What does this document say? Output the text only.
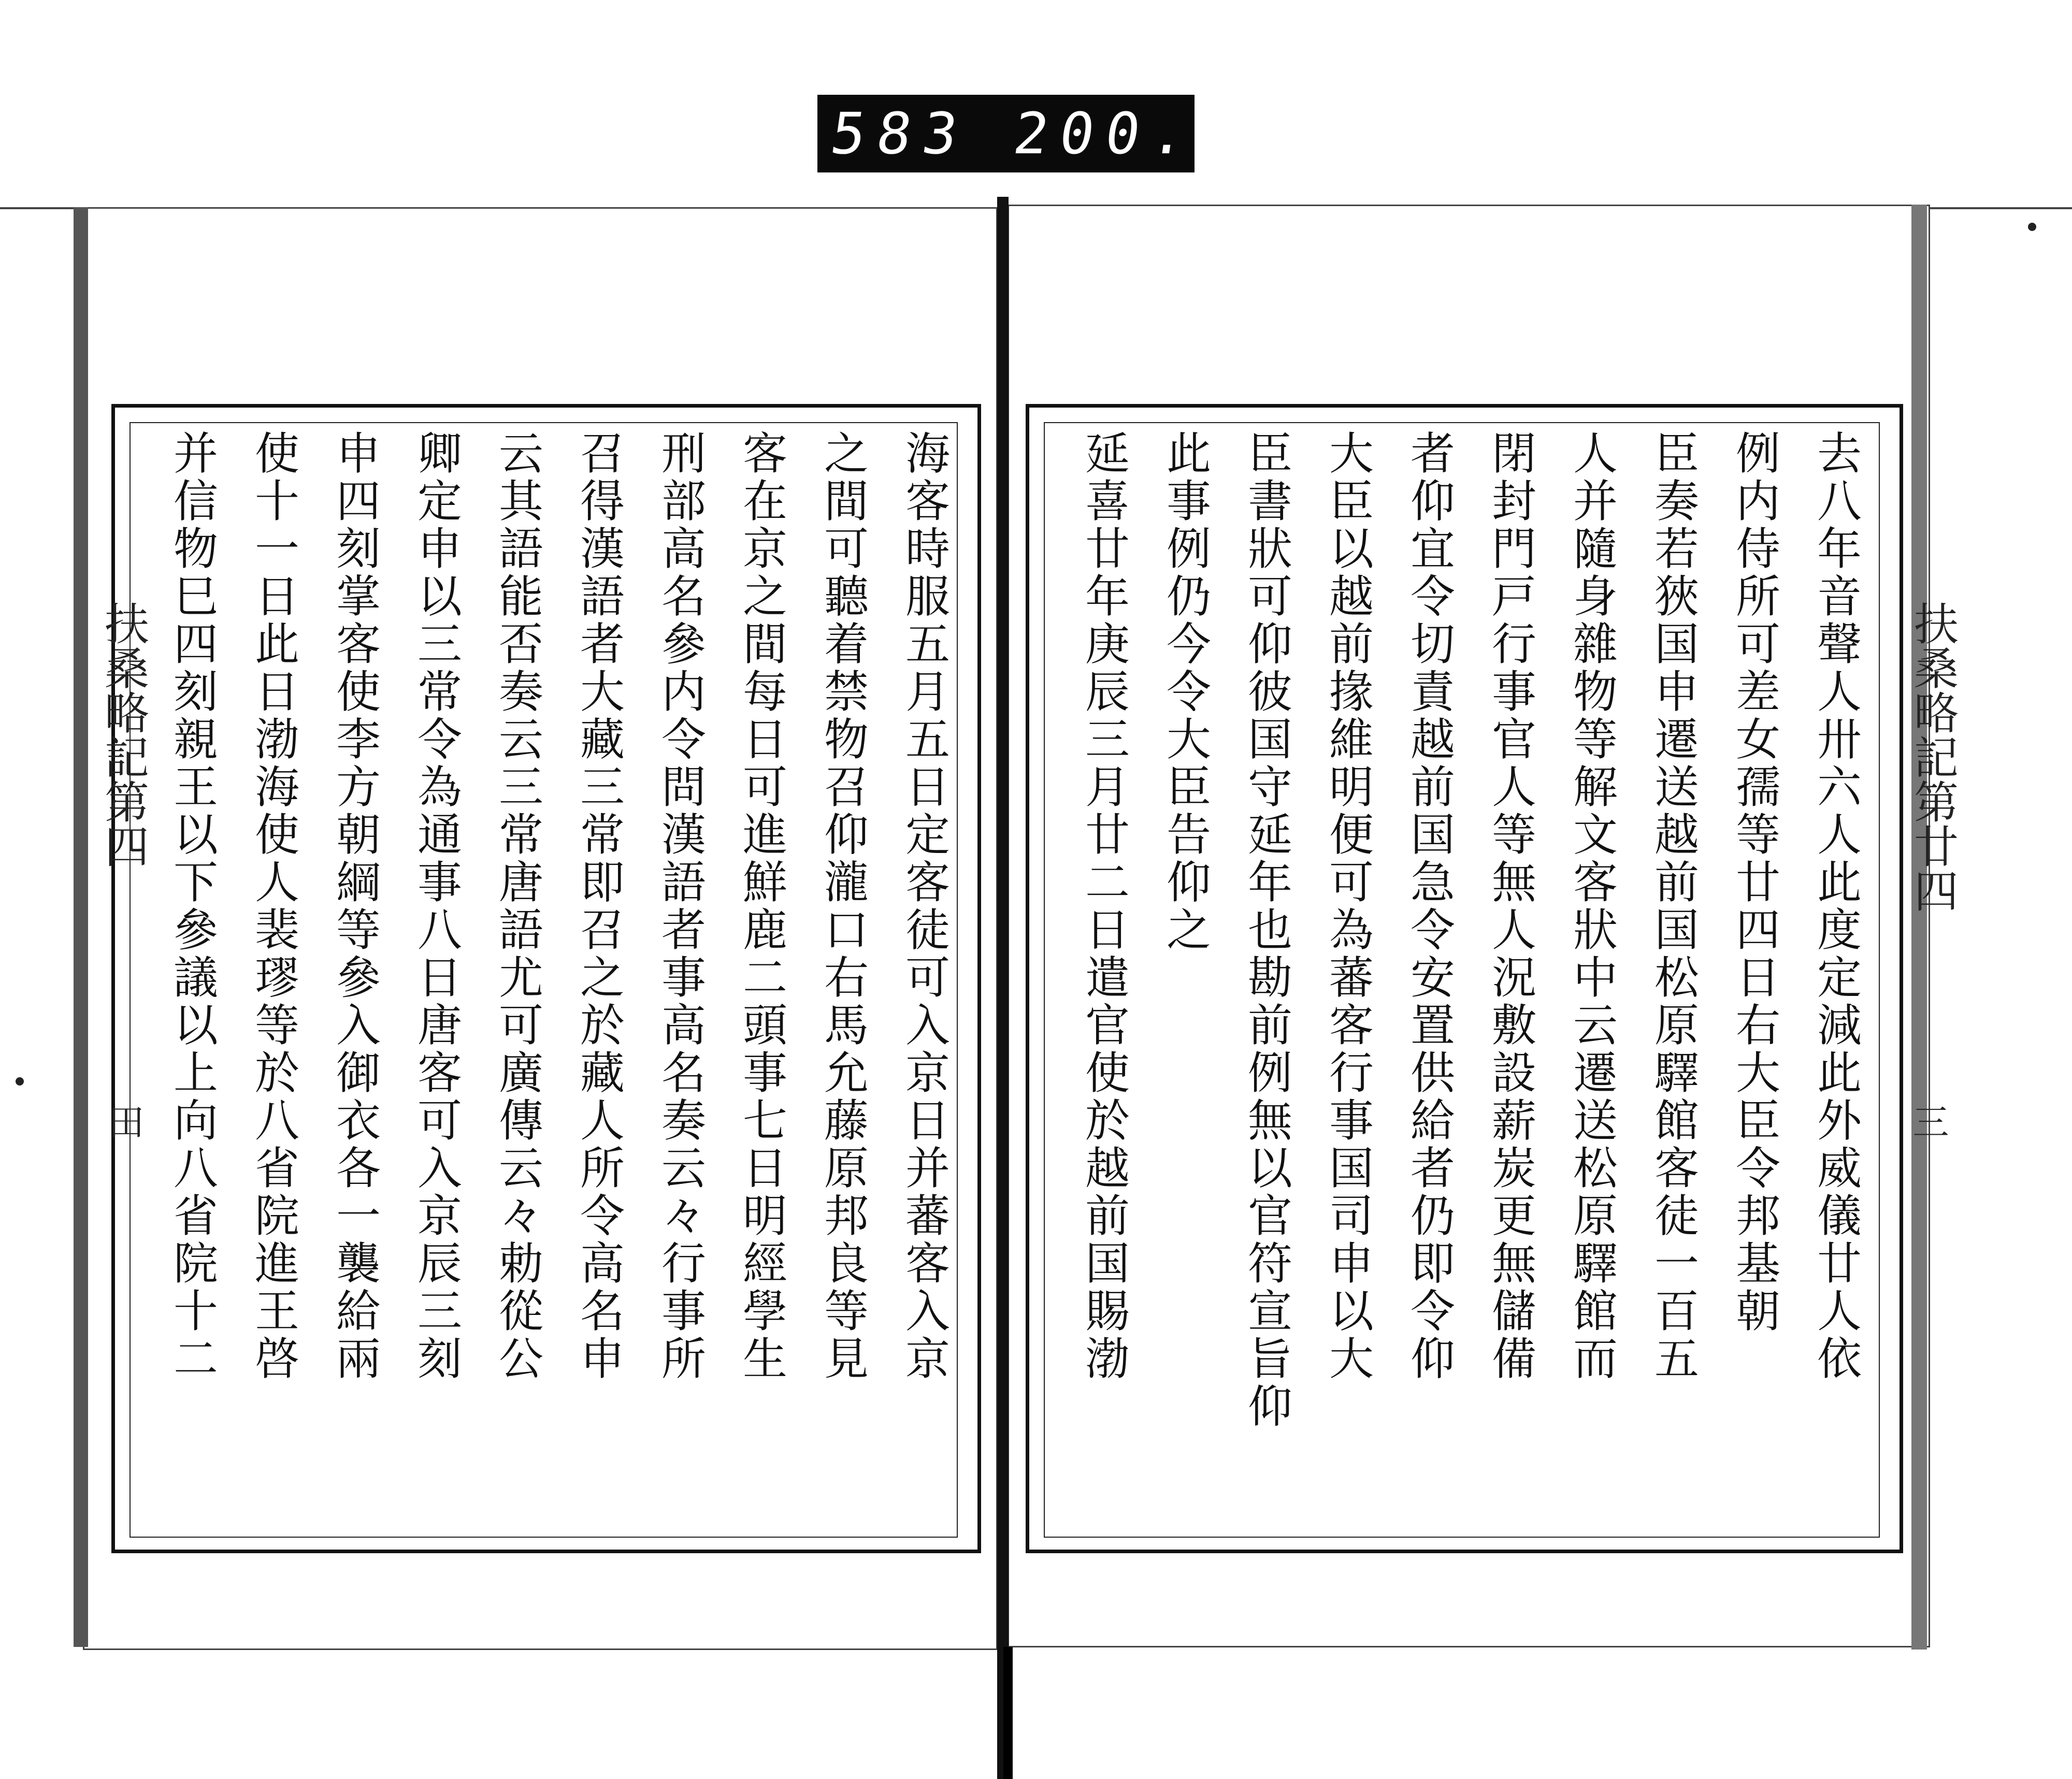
583 200.
扶桑略記第四
田
扶桑略記第廿四
三
海客時服五月五日定客徒可入京日并蕃客入京
之間可聽着禁物召仰瀧口右馬允藤原邦良等見
客在京之間每日可進鮮鹿二頭事七日明經學生
刑部高名參内令問漢語者事高名奏云々行事所
召得漢語者大藏三常即召之於藏人所令高名申
云其語能否奏云三常唐語尤可廣傳云々勅從公
卿定申以三常令為通事八日唐客可入京辰三刻
申四刻掌客使李方朝綱等參入御衣各一襲給兩
使十一日此日渤海使人裴璆等於八省院進王啓
并信物巳四刻親王以下參議以上向八省院十二	去八年音聲人卅六人此度定減此外威儀廿人依
例内侍所可差女孺等廿四日右大臣令邦基朝
臣奏若狹国申遷送越前国松原驛館客徒一百五
人并隨身雜物等解文客狀中云遷送松原驛館而
閉封門戸行事官人等無人況敷設薪炭更無儲備
者仰宜令切責越前国急令安置供給者仍即令仰
大臣以越前掾維明便可為蕃客行事国司申以大
臣書狀可仰彼国守延年也勘前例無以官符宣旨仰
此事例仍今令大臣告仰之
延喜廿年庚辰三月廿二日遣官使於越前国賜渤
